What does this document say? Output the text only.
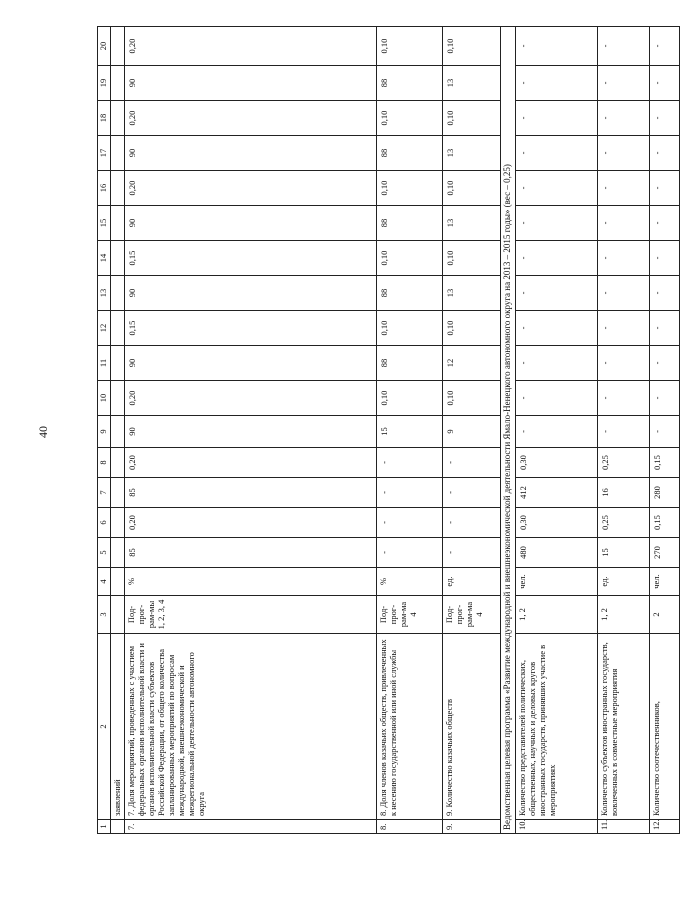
40
1	2	3	4	5	6	7	8	9	10	11	12	13	14	15	16	17	18	19	20
	заявлений																		
7.	7. Доля мероприятий, проведенных с участием федеральных органов исполнительной власти и органов исполнительной власти субъектов Российской Федерации, от общего количества запланированных мероприятий по вопросам международной, внешнеэкономической и межрегиональной деятельности автономного округа	Под-прог-рам-мы 1, 2, 3, 4	%	85	0,20	85	0,20	90	0,20	90	0,15	90	0,15	90	0,20	90	0,20	90	0,20
8.	8. Доля членов казачьих обществ, привлеченных к несению государственной или иной службы	Под-прог-рам-ма 4	%	-	-	-	-	15	0,10	88	0,10	88	0,10	88	0,10	88	0,10	88	0,10
9.	9. Количество казачьих обществ	Под-прог-рам-ма 4	ед.	-	-	-	-	9	0,10	12	0,10	13	0,10	13	0,10	13	0,10	13	0,10
Ведомственная целевая программа «Развитие международной и внешнеэкономической деятельности Ямало-Ненецкого автономного округа на 2013 – 2015 годы» (вес – 0,25)																			
10.	Количество представителей политических, общественных, научных и деловых кругов иностранных государств, принявших участие в мероприятиях	1, 2	чел.	480	0,30	412	0,30	-	-	-	-	-	-	-	-	-	-	-	-
11.	Количество субъектов иностранных государств, вовлеченных в совместные мероприятия	1, 2	ед.	15	0,25	16	0,25	-	-	-	-	-	-	-	-	-	-	-	-
12.	Количество соотечественников,	2	чел.	270	0,15	280	0,15	-	-	-	-	-	-	-	-	-	-	-	-
